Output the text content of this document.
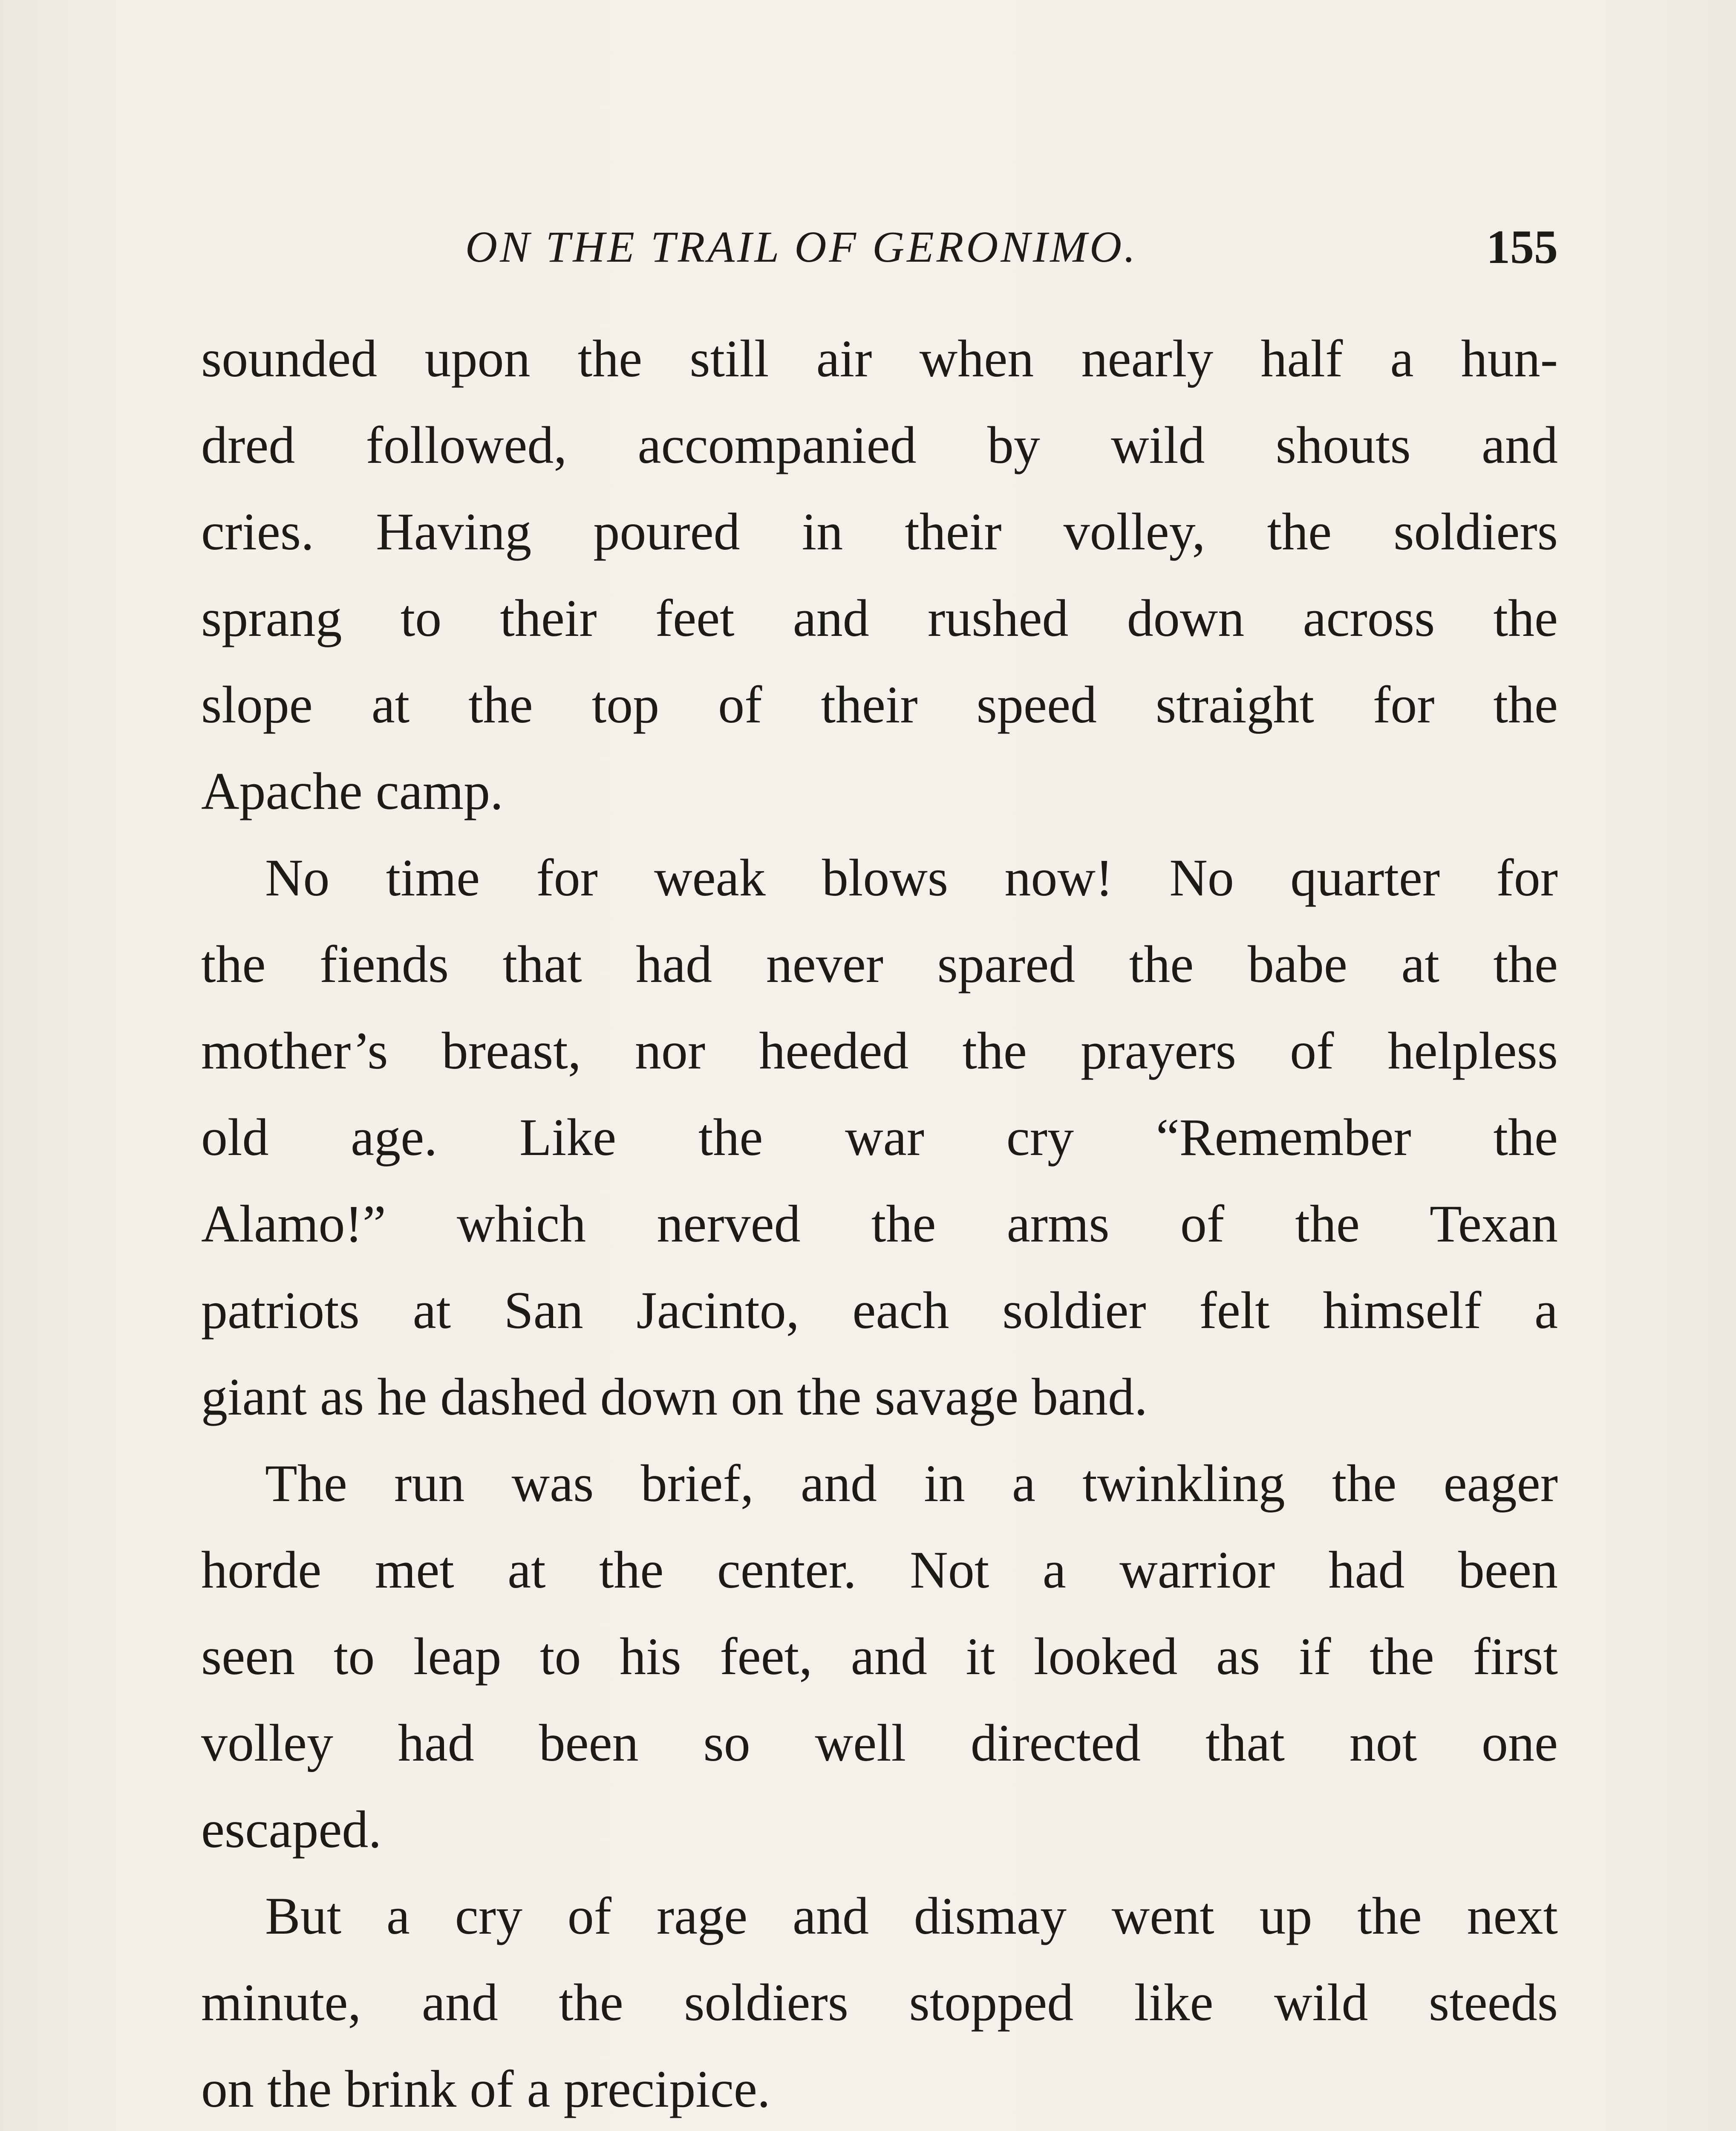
ON THE TRAIL OF GERONIMO.	155
sounded upon the still air when nearly half a hun-
dred followed, accompanied by wild shouts and
cries. Having poured in their volley, the soldiers
sprang to their feet and rushed down across the
slope at the top of their speed straight for the
Apache camp.
No time for weak blows now! No quarter for
the fiends that had never spared the babe at the
mother’s breast, nor heeded the prayers of helpless
old age. Like the war cry “Remember the
Alamo!” which nerved the arms of the Texan
patriots at San Jacinto, each soldier felt himself a
giant as he dashed down on the savage band.
The run was brief, and in a twinkling the eager
horde met at the center. Not a warrior had been
seen to leap to his feet, and it looked as if the first
volley had been so well directed that not one
escaped.
But a cry of rage and dismay went up the next
minute, and the soldiers stopped like wild steeds
on the brink of a precipice.
